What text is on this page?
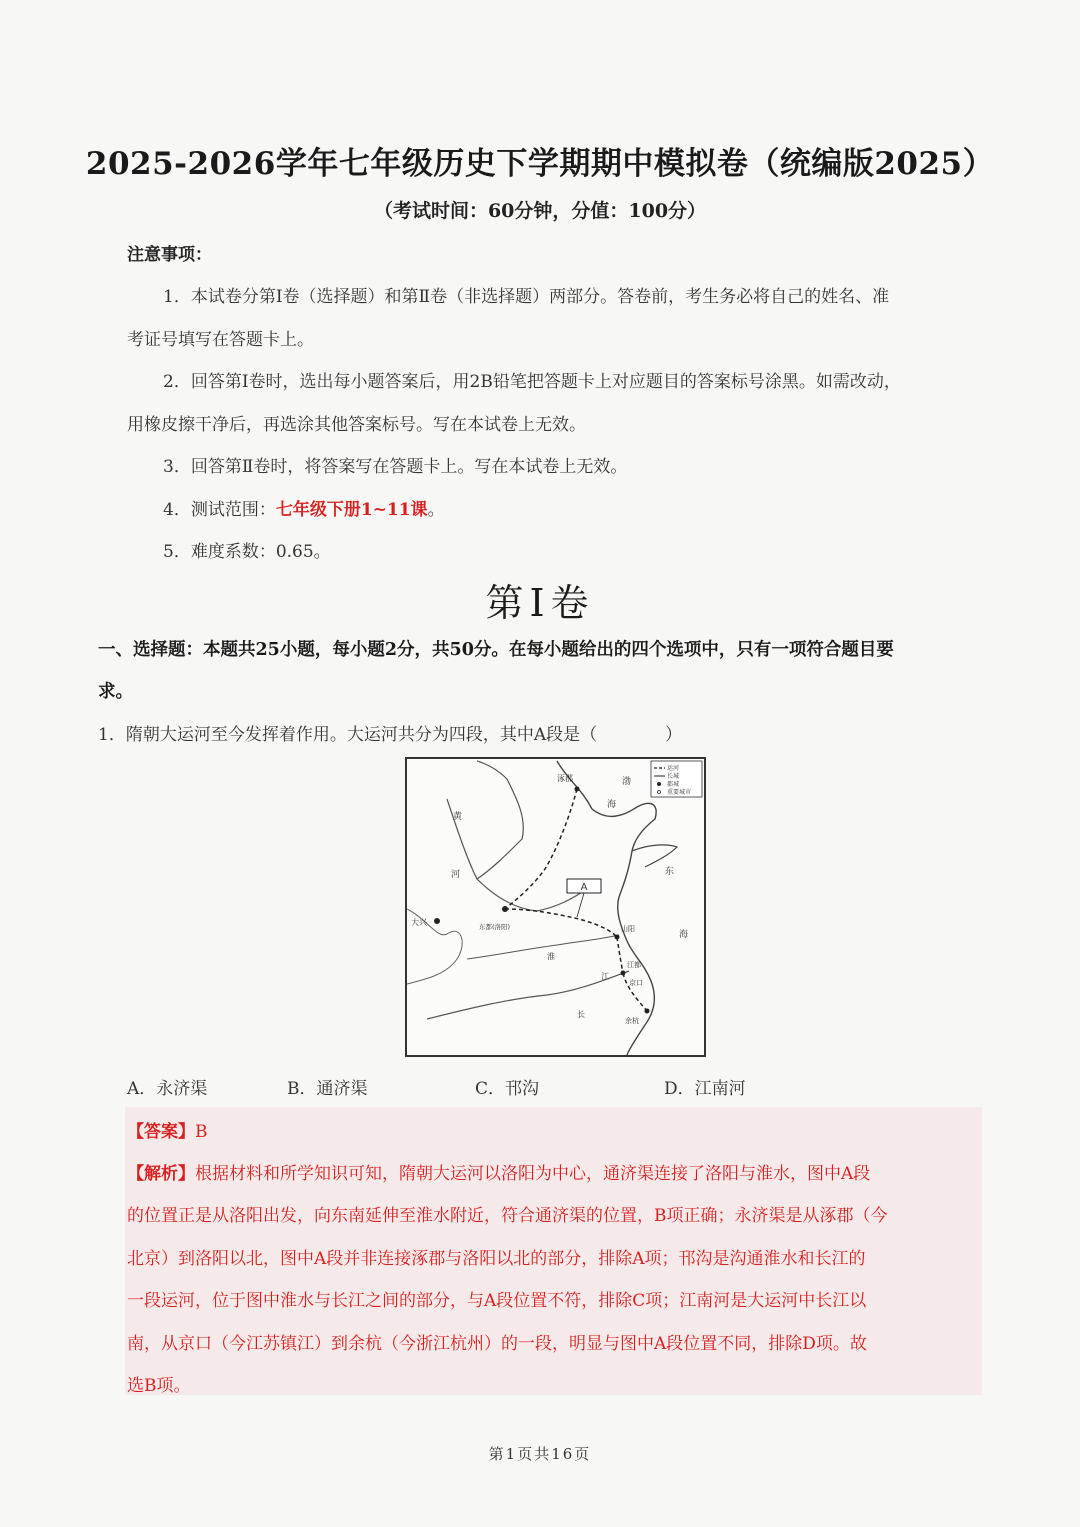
2025-2026学年七年级历史下学期期中模拟卷（统编版2025）
（考试时间：60分钟，分值：100分）
注意事项：
1．本试卷分第Ⅰ卷（选择题）和第Ⅱ卷（非选择题）两部分。答卷前，考生务必将自己的姓名、准
考证号填写在答题卡上。
2．回答第Ⅰ卷时，选出每小题答案后，用2B铅笔把答题卡上对应题目的答案标号涂黑。如需改动，
用橡皮擦干净后，再选涂其他答案标号。写在本试卷上无效。
3．回答第Ⅱ卷时，将答案写在答题卡上。写在本试卷上无效。
4．测试范围：七年级下册1~11课。
5．难度系数：0.65。
第Ⅰ卷
一、选择题：本题共25小题，每小题2分，共50分。在每小题给出的四个选项中，只有一项符合题目要
求。
1．隋朝大运河至今发挥着作用。大运河共分为四段，其中A段是（　　　　）
A
涿郡	渤
海
东
海
黄
河
大兴	东都(洛阳)
淮
江
山阳
江都
京口
余杭
长
运河
长城
都城
重要城市
A．永济渠	B．通济渠	C．邗沟	D．江南河
【答案】B
【解析】根据材料和所学知识可知，隋朝大运河以洛阳为中心，通济渠连接了洛阳与淮水，图中A段
的位置正是从洛阳出发，向东南延伸至淮水附近，符合通济渠的位置，B项正确；永济渠是从涿郡（今
北京）到洛阳以北，图中A段并非连接涿郡与洛阳以北的部分，排除A项；邗沟是沟通淮水和长江的
一段运河，位于图中淮水与长江之间的部分，与A段位置不符，排除C项；江南河是大运河中长江以
南，从京口（今江苏镇江）到余杭（今浙江杭州）的一段，明显与图中A段位置不同，排除D项。故
选B项。
第1页共16页
